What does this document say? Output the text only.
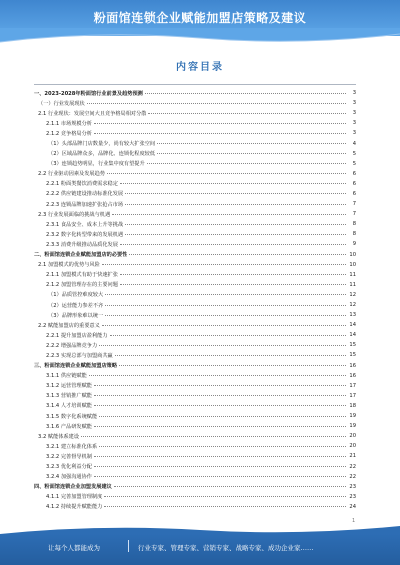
粉面馆连锁企业赋能加盟店策略及建议
内容目录
一、2023-2028年粉面馆行业前景及趋势预测	3
（一）行业发展现状	3
2.1 行业现状：发展空间大且竞争格局相对分散	3
2.1.1 市场规模分析	3
2.1.2 竞争格局分析	3
（1）头部品牌门店数量少，尚有较大扩张空间	4
（2）区域品牌众多，品牌化、连锁化程度较低	5
（3）连锁趋势明显，行业集中度有望提升	5
2.2 行业驱动因素及发展趋势	6
2.2.1 粉面类餐饮消费需求稳定	6
2.2.2 供应链建设推动标准化发展	6
2.2.3 连锁品牌加速扩张抢占市场	7
2.3 行业发展面临的挑战与机遇	7
2.3.1 食品安全、成本上升等挑战	8
2.3.2 数字化转型带来的发展机遇	8
2.3.3 消费升级推动品质化发展	9
二、粉面馆连锁企业赋能加盟店的必要性	10
2.1 加盟模式的优势与风险	10
2.1.1 加盟模式有助于快速扩张	11
2.1.2 加盟管理存在的主要问题	11
（1）品质管控难度较大	12
（2）运营能力参差不齐	12
（3）品牌形象难以统一	13
2.2 赋能加盟店的重要意义	14
2.2.1 提升加盟店盈利能力	14
2.2.2 增强品牌竞争力	15
2.2.3 实现总部与加盟商共赢	15
三、粉面馆连锁企业赋能加盟店策略	16
3.1.1 供应链赋能	16
3.1.2 运营管理赋能	17
3.1.3 营销推广赋能	17
3.1.4 人才培训赋能	18
3.1.5 数字化系统赋能	19
3.1.6 产品研发赋能	19
3.2 赋能体系建设	20
3.2.1 建立标准化体系	20
3.2.2 完善督导机制	21
3.2.3 优化利益分配	22
3.2.4 加强沟通协作	22
四、粉面馆连锁企业加盟发展建议	23
4.1.1 完善加盟管理制度	23
4.1.2 持续提升赋能能力	24
1
让每个人都能成为	行业专家、管理专家、营销专家、战略专家、成功企业家……
